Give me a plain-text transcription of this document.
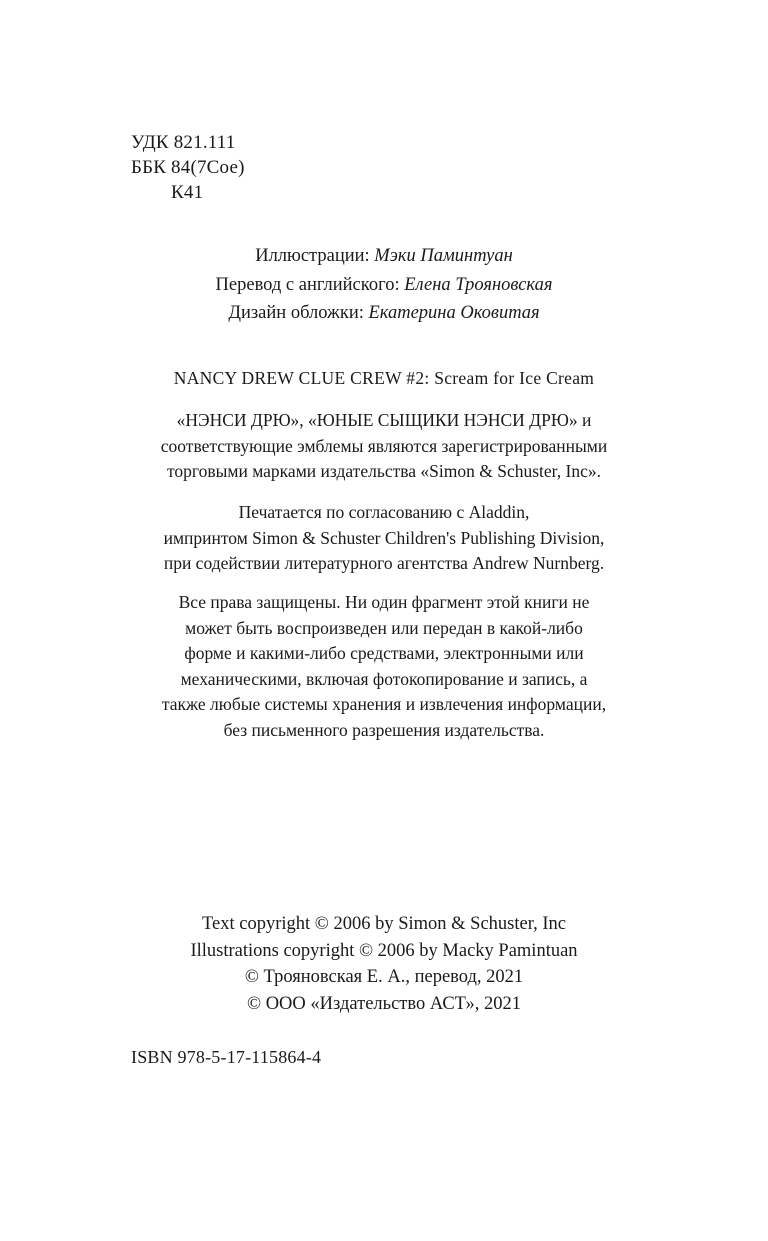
УДК 821.111
ББК 84(7Сое)
К41
Иллюстрации: Мэки Паминтуан
Перевод с английского: Елена Трояновская
Дизайн обложки: Екатерина Оковитая
NANCY DREW CLUE CREW #2: Scream for Ice Cream
«НЭНСИ ДРЮ», «ЮНЫЕ СЫЩИКИ НЭНСИ ДРЮ» и
соответствующие эмблемы являются зарегистрированными
торговыми марками издательства «Simon & Schuster, Inc».
Печатается по согласованию с Aladdin,
импринтом Simon & Schuster Children's Publishing Division,
при содействии литературного агентства Andrew Nurnberg.
Все права защищены. Ни один фрагмент этой книги не
может быть воспроизведен или передан в какой-либо
форме и какими-либо средствами, электронными или
механическими, включая фотокопирование и запись, а
также любые системы хранения и извлечения информации,
без письменного разрешения издательства.
Text copyright © 2006 by Simon & Schuster, Inc
Illustrations copyright © 2006 by Macky Pamintuan
© Трояновская Е. А., перевод, 2021
© ООО «Издательство АСТ», 2021
ISBN 978-5-17-115864-4
